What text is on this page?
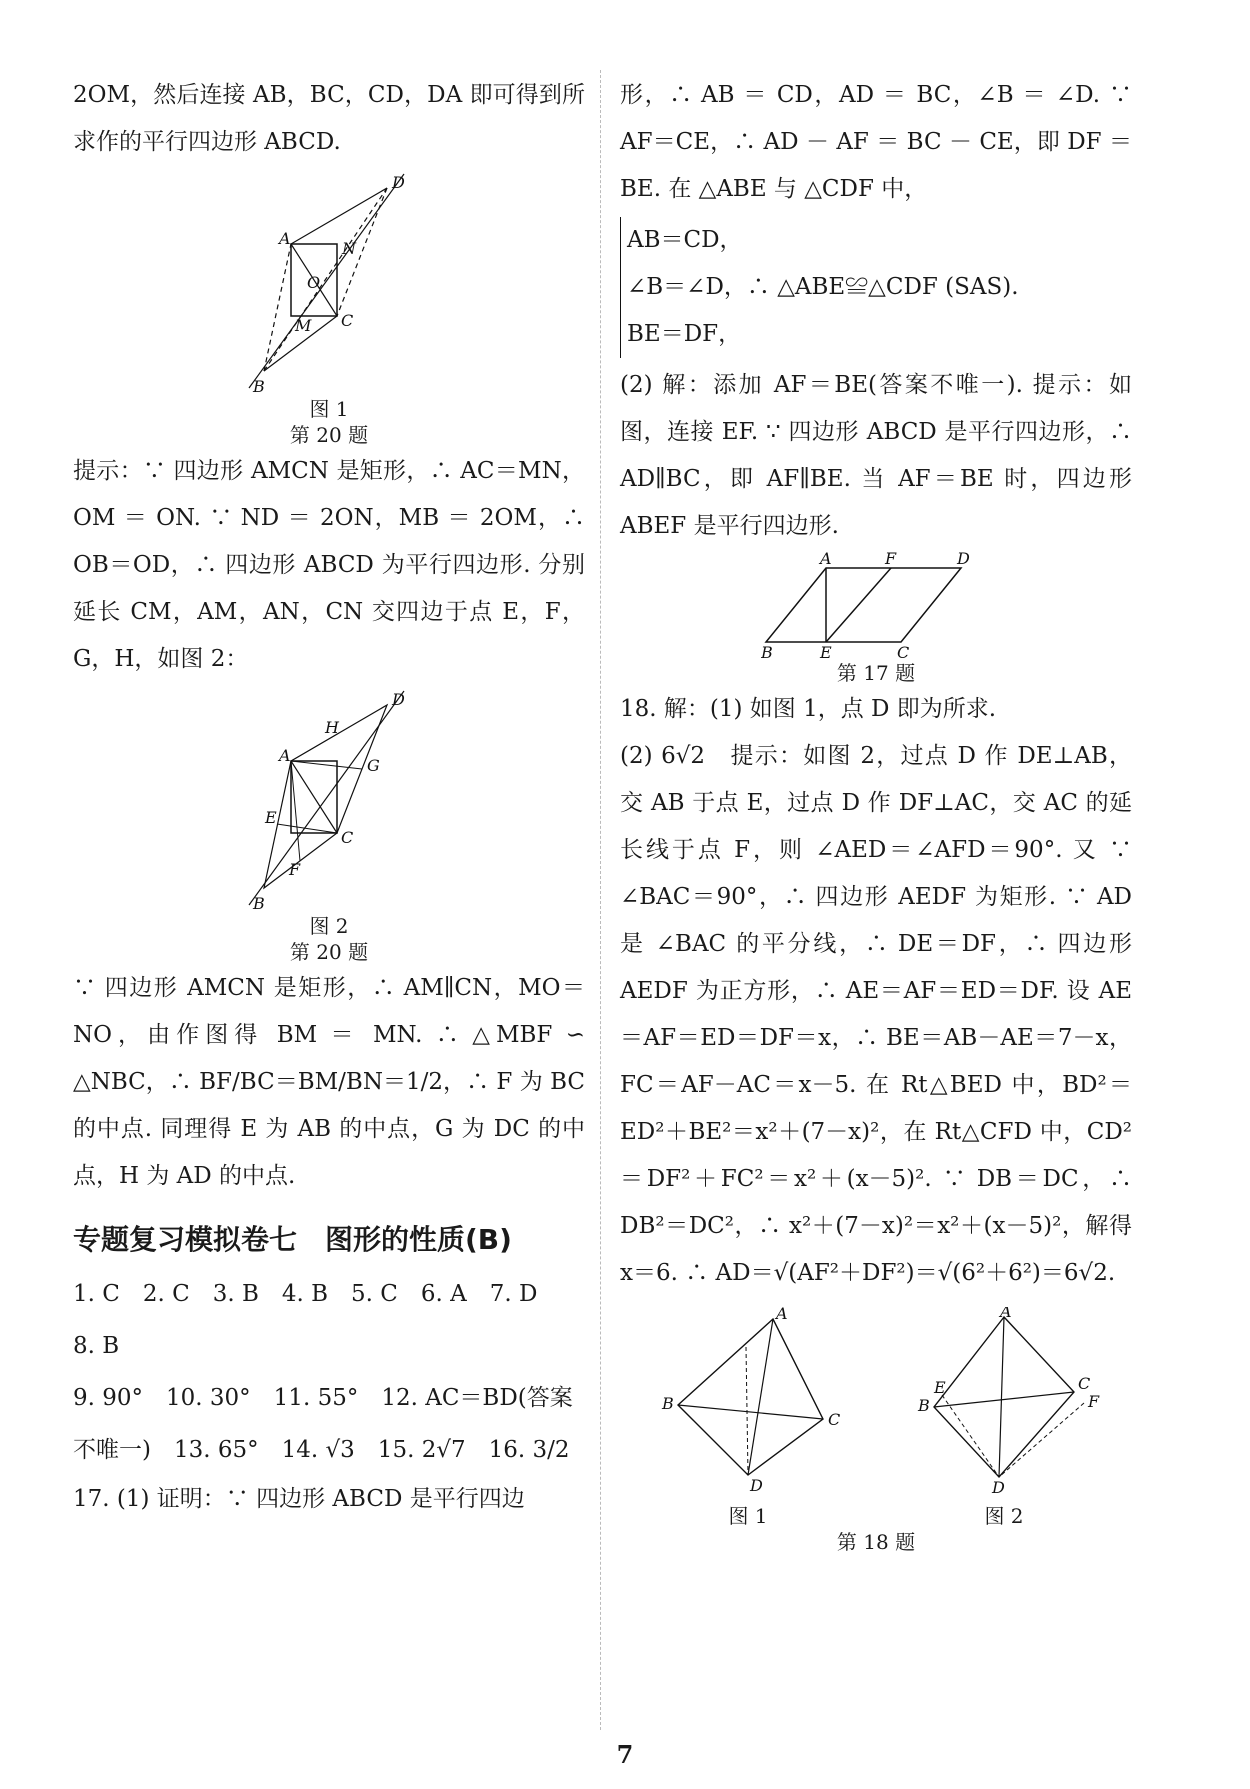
2OM，然后连接 AB，BC，CD，DA 即可得到所求作的平行四边形 ABCD.

A
N
O
M C
D
B
图 1
第 20 题

提示：∵ 四边形 AMCN 是矩形，∴ AC＝MN，OM ＝ ON. ∵ ND ＝ 2ON，MB ＝ 2OM，∴ OB＝OD，∴ 四边形 ABCD 为平行四边形. 分别延长 CM，AM，AN，CN 交四边于点 E，F，G，H，如图 2：

A
H
G
E
C
F
D
B
图 2
第 20 题

∵ 四边形 AMCN 是矩形，∴ AM∥CN，MO＝NO，由作图得 BM ＝ MN. ∴ △MBF ∽ △NBC，∴ BF/BC＝BM/BN＝1/2，∴ F 为 BC 的中点. 同理得 E 为 AB 的中点，G 为 DC 的中点，H 为 AD 的中点.

专题复习模拟卷七　图形的性质(B)
1. C　2. C　3. B　4. B　5. C　6. A　7. D
8. B
9. 90°　10. 30°　11. 55°　12. AC＝BD(答案不唯一)　13. 65°　14. √3　15. 2√7　16. 3/2

17. (1) 证明：∵ 四边形 ABCD 是平行四边

形，∴ AB ＝ CD，AD ＝ BC，∠B ＝ ∠D. ∵ AF＝CE，∴ AD － AF ＝ BC － CE，即 DF ＝ BE. 在 △ABE 与 △CDF 中，

AB＝CD，
∠B＝∠D，∴ △ABE≌△CDF (SAS).
BE＝DF，

(2) 解：添加 AF＝BE(答案不唯一). 提示：如图，连接 EF. ∵ 四边形 ABCD 是平行四边形，∴ AD∥BC，即 AF∥BE. 当 AF＝BE 时，四边形 ABEF 是平行四边形.

A	F	D
B	E	C
第 17 题

18. 解：(1) 如图 1，点 D 即为所求.

(2) 6√2　提示：如图 2，过点 D 作 DE⊥AB，交 AB 于点 E，过点 D 作 DF⊥AC，交 AC 的延长线于点 F，则 ∠AED＝∠AFD＝90°. 又 ∵ ∠BAC＝90°，∴ 四边形 AEDF 为矩形. ∵ AD 是 ∠BAC 的平分线，∴ DE＝DF，∴ 四边形 AEDF 为正方形，∴ AE＝AF＝ED＝DF. 设 AE＝AF＝ED＝DF＝x，∴ BE＝AB－AE＝7－x，FC＝AF－AC＝x－5. 在 Rt△BED 中，BD²＝ED²＋BE²＝x²＋(7－x)²，在 Rt△CFD 中，CD²＝DF²＋FC²＝x²＋(x－5)². ∵ DB＝DC，∴ DB²＝DC²，∴ x²＋(7－x)²＝x²＋(x－5)²，解得 x＝6. ∴ AD＝√(AF²＋DF²)＝√(6²＋6²)＝6√2.

A
B
C
D
图 1
A
B
E	C
F
D
图 2
第 18 题
7
